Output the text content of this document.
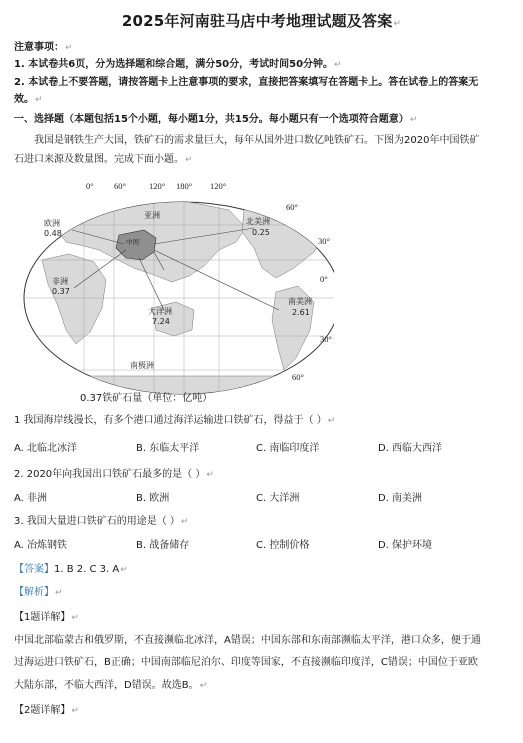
2025年河南驻马店中考地理试题及答案↵
注意事项：↵
1. 本试卷共6页，分为选择题和综合题，满分50分，考试时间50分钟。↵
2. 本试卷上不要答题，请按答题卡上注意事项的要求，直接把答案填写在答题卡上。答在试卷上的答案无
效。↵
一、选择题（本题包括15个小题，每小题1分，共15分。每小题只有一个选项符合题意）↵
我国是钢铁生产大国，铁矿石的需求量巨大，每年从国外进口数亿吨铁矿石。下图为2020年中国铁矿
石进口来源及数量图。完成下面小题。↵
0° 60°	120° 180° 120°
60°
30°
0°
30°
60°
欧洲
0.48
亚洲
中国
北美洲
0.25
非洲
0.37
大洋洲
7.24
南美洲
2.61
南极洲
0.37铁矿石量（单位：亿吨）
1 我国海岸线漫长，有多个港口通过海洋运输进口铁矿石，得益于（ ）↵
A. 北临北冰洋	B. 东临太平洋	C. 南临印度洋	D. 西临大西洋
2. 2020年向我国出口铁矿石最多的是（ ）↵
A. 非洲	B. 欧洲	C. 大洋洲	D. 南美洲
3. 我国大量进口铁矿石的用途是（ ）↵
A. 冶炼钢铁	B. 战备储存	C. 控制价格	D. 保护环境
【答案】1. B 2. C 3. A↵
【解析】↵
【1题详解】↵
中国北部临蒙古和俄罗斯，不直接濒临北冰洋，A错误；中国东部和东南部濒临太平洋，港口众多，便于通
过海运进口铁矿石，B正确；中国南部临尼泊尔、印度等国家，不直接濒临印度洋，C错误；中国位于亚欧
大陆东部，不临大西洋，D错误。故选B。↵
【2题详解】↵
